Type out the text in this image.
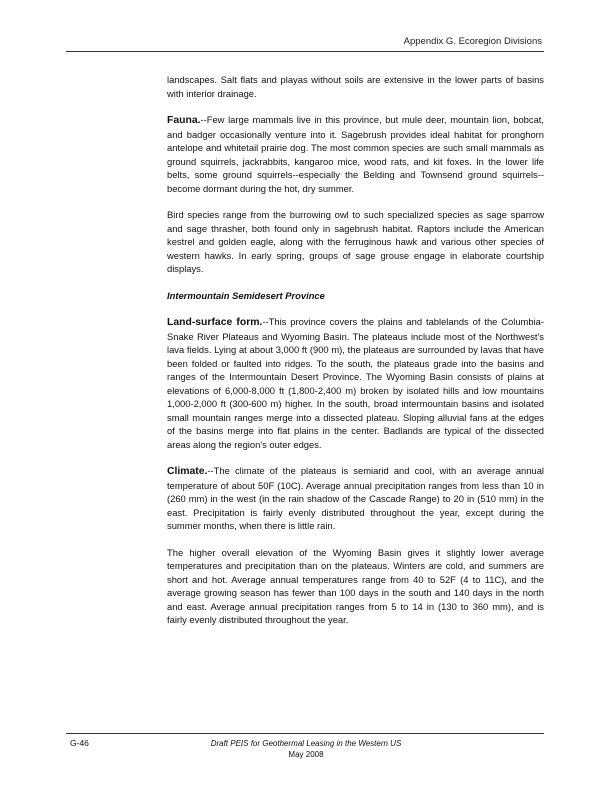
Appendix G. Ecoregion Divisions

landscapes. Salt flats and playas without soils are extensive in the lower parts of basins with interior drainage.

Fauna.--Few large mammals live in this province, but mule deer, mountain lion, bobcat, and badger occasionally venture into it. Sagebrush provides ideal habitat for pronghorn antelope and whitetail prairie dog. The most common species are such small mammals as ground squirrels, jackrabbits, kangaroo mice, wood rats, and kit foxes. In the lower life belts, some ground squirrels--especially the Belding and Townsend ground squirrels--become dormant during the hot, dry summer.

Bird species range from the burrowing owl to such specialized species as sage sparrow and sage thrasher, both found only in sagebrush habitat. Raptors include the American kestrel and golden eagle, along with the ferruginous hawk and various other species of western hawks. In early spring, groups of sage grouse engage in elaborate courtship displays.

Intermountain Semidesert Province

Land-surface form.--This province covers the plains and tablelands of the Columbia-Snake River Plateaus and Wyoming Basin. The plateaus include most of the Northwest's lava fields. Lying at about 3,000 ft (900 m), the plateaus are surrounded by lavas that have been folded or faulted into ridges. To the south, the plateaus grade into the basins and ranges of the Intermountain Desert Province. The Wyoming Basin consists of plains at elevations of 6,000-8,000 ft (1,800-2,400 m) broken by isolated hills and low mountains 1,000-2,000 ft (300-600 m) higher. In the south, broad intermountain basins and isolated small mountain ranges merge into a dissected plateau. Sloping alluvial fans at the edges of the basins merge into flat plains in the center. Badlands are typical of the dissected areas along the region's outer edges.

Climate.--The climate of the plateaus is semiarid and cool, with an average annual temperature of about 50F (10C). Average annual precipitation ranges from less than 10 in (260 mm) in the west (in the rain shadow of the Cascade Range) to 20 in (510 mm) in the east. Precipitation is fairly evenly distributed throughout the year, except during the summer months, when there is little rain.

The higher overall elevation of the Wyoming Basin gives it slightly lower average temperatures and precipitation than on the plateaus. Winters are cold, and summers are short and hot. Average annual temperatures range from 40 to 52F (4 to 11C), and the average growing season has fewer than 100 days in the south and 140 days in the north and east. Average annual precipitation ranges from 5 to 14 in (130 to 360 mm), and is fairly evenly distributed throughout the year.

G-46	Draft PEIS for Geothermal Leasing in the Western US
May 2008
